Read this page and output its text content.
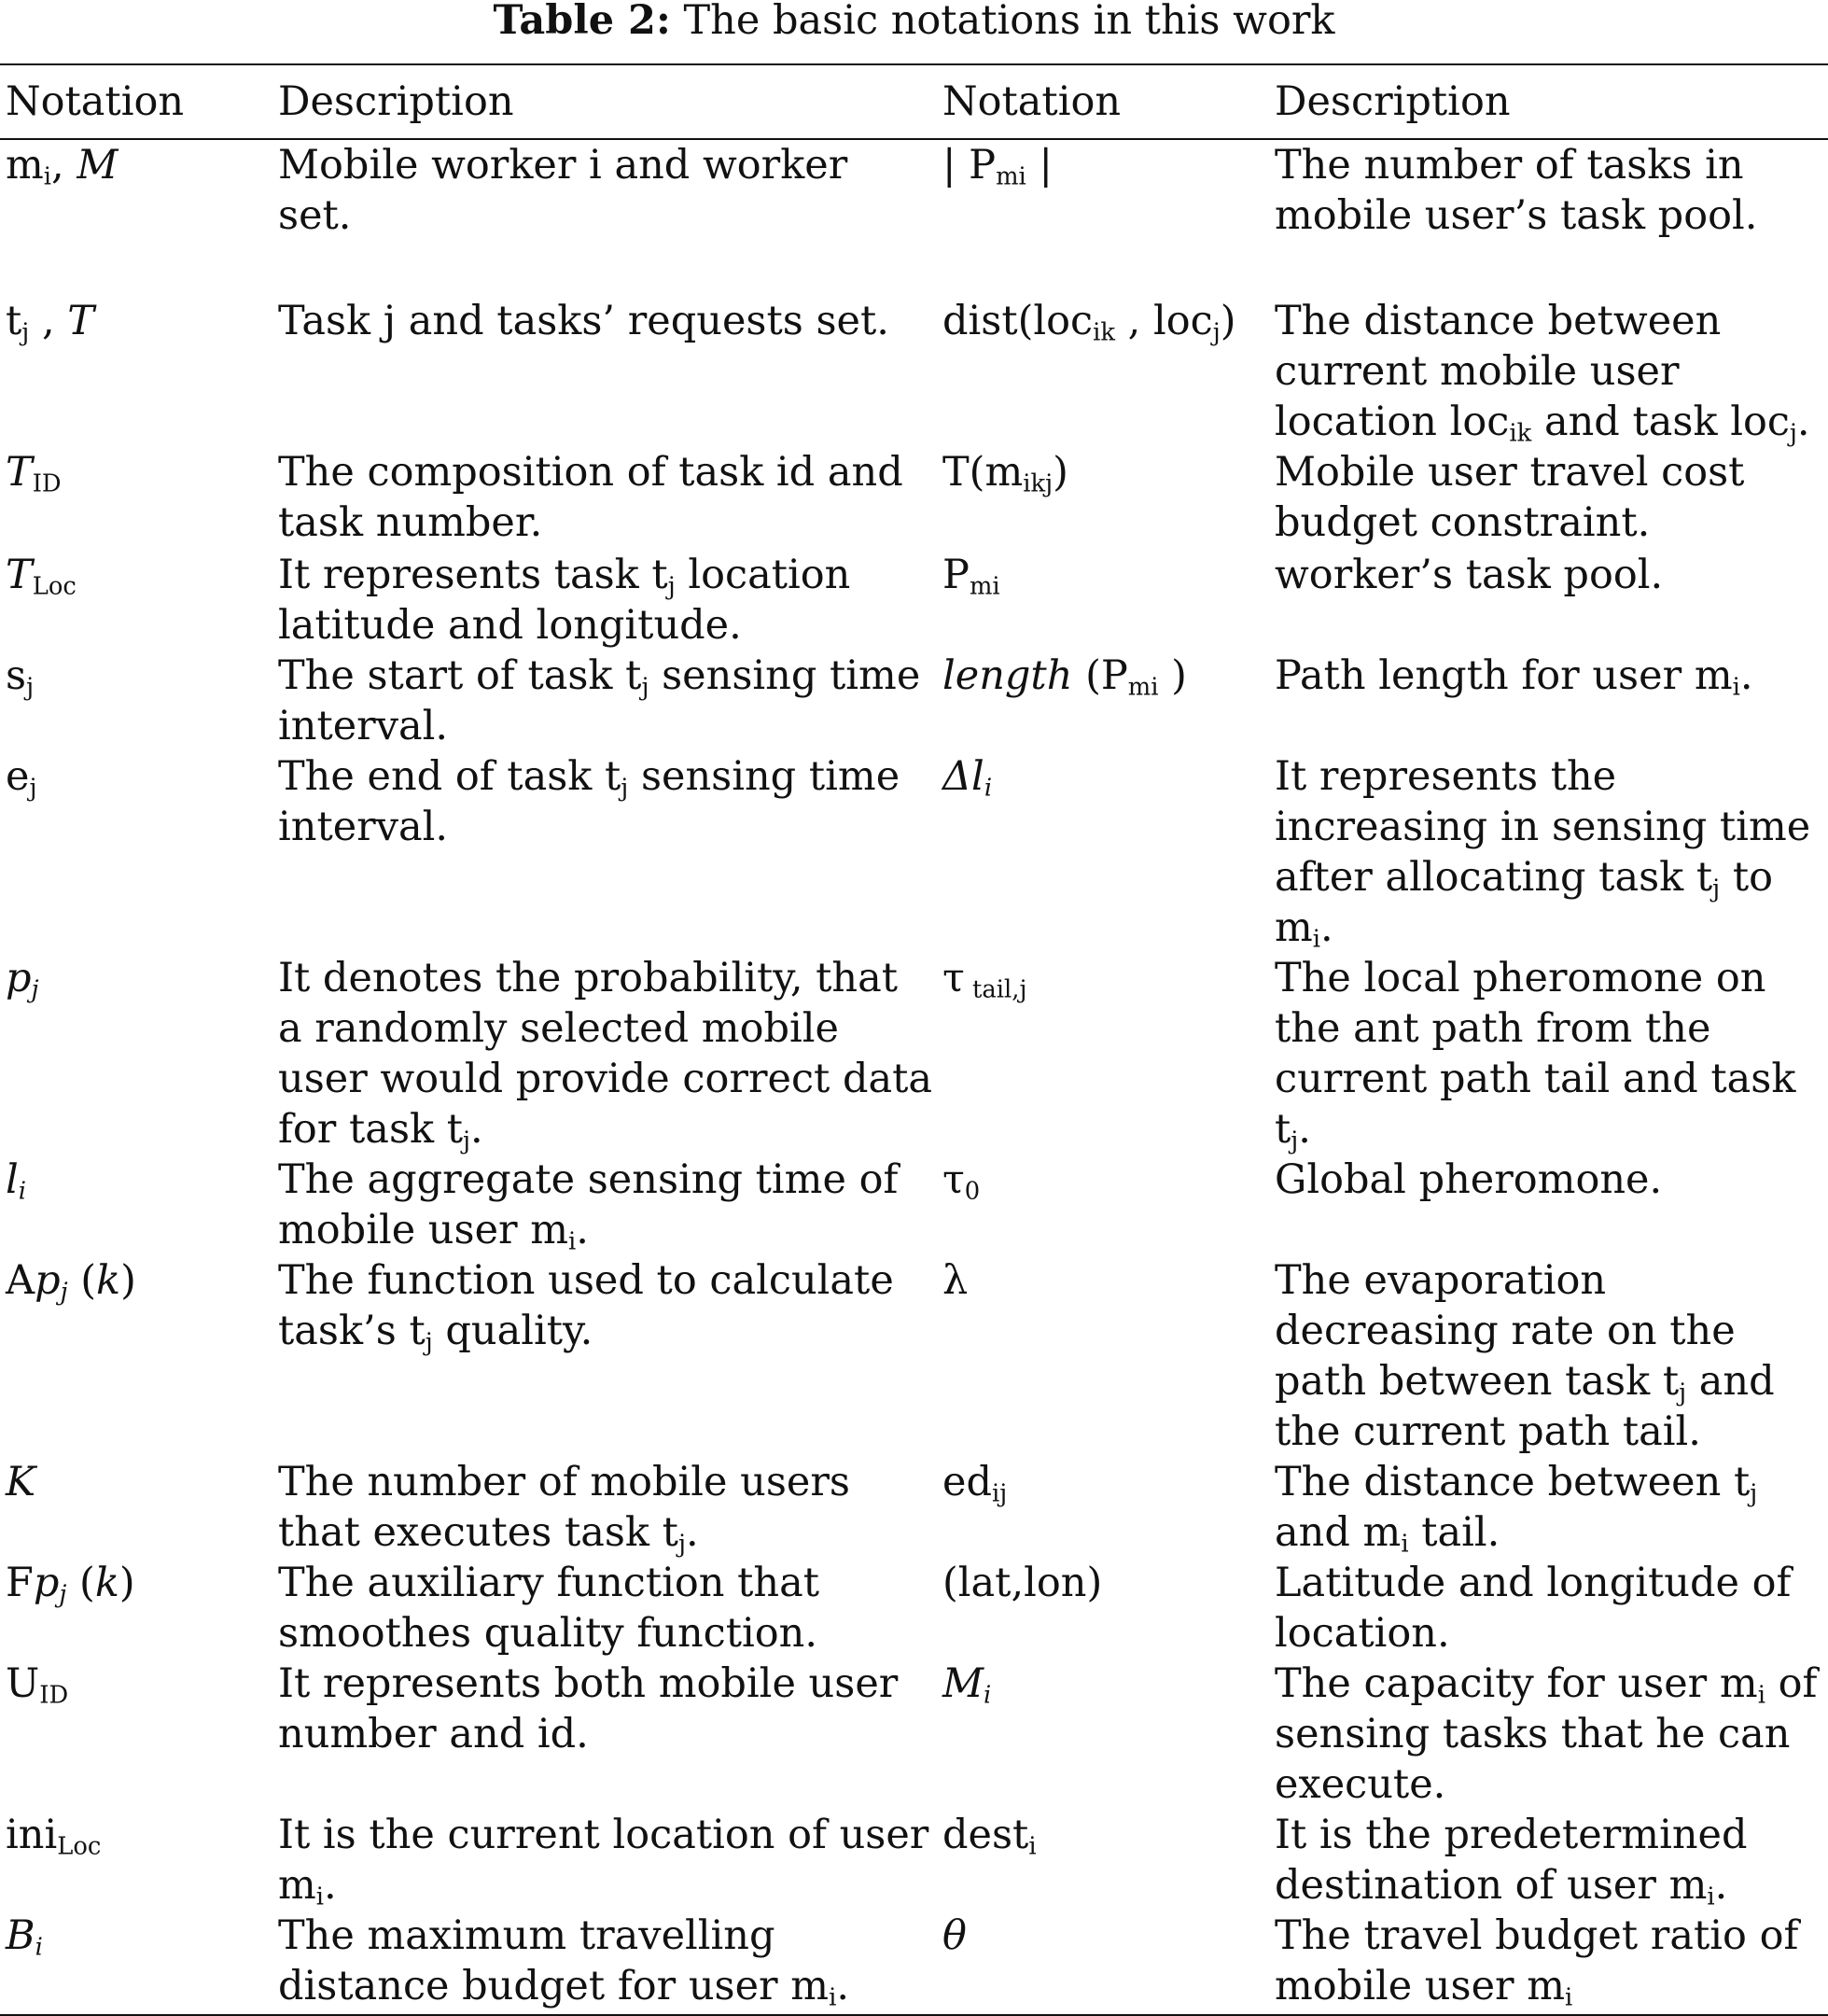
Table 2: The basic notations in this work
Notation	Description	Notation	Description
$m_i$, M	Mobile worker i and worker set.	| $P_{mi}$ |	The number of tasks in mobile user’s task pool.
$t_j$ , T	Task j and tasks’ requests set.	dist(loc$_{ik}$ , loc$_j$)	The distance between current mobile user location loc$_{ik}$ and task loc$_j$.
$T_{ID}$	The composition of task id and task number.	$T(m_{ikj})$	Mobile user travel cost budget constraint.
$T_{Loc}$	It represents task $t_j$ location latitude and longitude.	$P_{mi}$	worker’s task pool.
$s_j$	The start of task $t_j$ sensing time interval.	length ($P_{mi}$ )	Path length for user $m_i$.
$e_j$	The end of task $t_j$ sensing time interval.	$\Delta l_i$	It represents the increasing in sensing time after allocating task $t_j$ to $m_i$.
$p_j$	It denotes the probability, that a randomly selected mobile user would provide correct data for task $t_j$.	τ $_{tail,j}$	The local pheromone on the ant path from the current path tail and task $t_j$.
$l_i$	The aggregate sensing time of mobile user $m_i$.	$\tau_0$	Global pheromone.
$Ap_j$ (k)	The function used to calculate task’s $t_j$ quality.	λ	The evaporation decreasing rate on the path between task $t_j$ and the current path tail.
K	The number of mobile users that executes task $t_j$.	$ed_{ij}$	The distance between $t_j$ and $m_i$ tail.
$Fp_j$ (k)	The auxiliary function that smoothes quality function.	(lat,lon)	Latitude and longitude of location.
$U_{ID}$	It represents both mobile user number and id.	$M_i$	The capacity for user $m_i$ of sensing tasks that he can execute.
ini$_{Loc}$	It is the current location of user $m_i$.	dest$_i$	It is the predetermined destination of user $m_i$.
$B_i$	The maximum travelling distance budget for user $m_i$.	θ	The travel budget ratio of mobile user $m_i$
